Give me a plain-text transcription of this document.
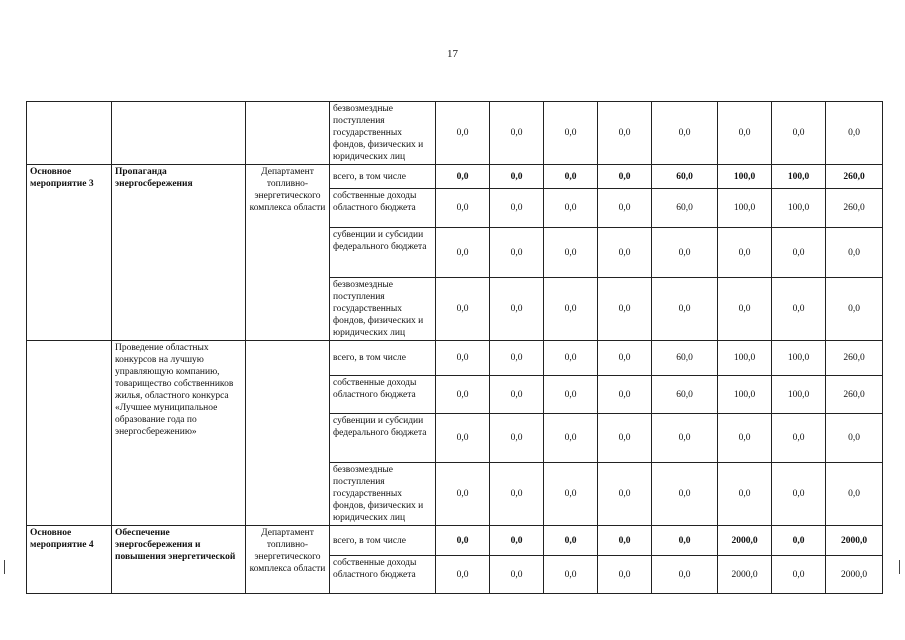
17
			безвозмездные поступления государственных фондов, физических и юридических лиц	0,0	0,0	0,0	0,0	0,0	0,0	0,0	0,0
Основное мероприятие 3	Пропаганда энергосбережения	Департамент топливно-энергетического комплекса области	всего, в том числе	0,0	0,0	0,0	0,0	60,0	100,0	100,0	260,0
			собственные доходы областного бюджета	0,0	0,0	0,0	0,0	60,0	100,0	100,0	260,0
			субвенции и субсидии федерального бюджета	0,0	0,0	0,0	0,0	0,0	0,0	0,0	0,0
			безвозмездные поступления государственных фондов, физических и юридических лиц	0,0	0,0	0,0	0,0	0,0	0,0	0,0	0,0
	Проведение областных конкурсов на лучшую управляющую компанию, товарищество собственников жилья, областного конкурса «Лучшее муниципальное образование года по энергосбережению»		всего, в том числе	0,0	0,0	0,0	0,0	60,0	100,0	100,0	260,0
			собственные доходы областного бюджета	0,0	0,0	0,0	0,0	60,0	100,0	100,0	260,0
			субвенции и субсидии федерального бюджета	0,0	0,0	0,0	0,0	0,0	0,0	0,0	0,0
			безвозмездные поступления государственных фондов, физических и юридических лиц	0,0	0,0	0,0	0,0	0,0	0,0	0,0	0,0
Основное мероприятие 4	Обеспечение энергосбережения и повышения энергетической	Департамент топливно-энергетического комплекса области	всего, в том числе	0,0	0,0	0,0	0,0	0,0	2000,0	0,0	2000,0
			собственные доходы областного бюджета	0,0	0,0	0,0	0,0	0,0	2000,0	0,0	2000,0
